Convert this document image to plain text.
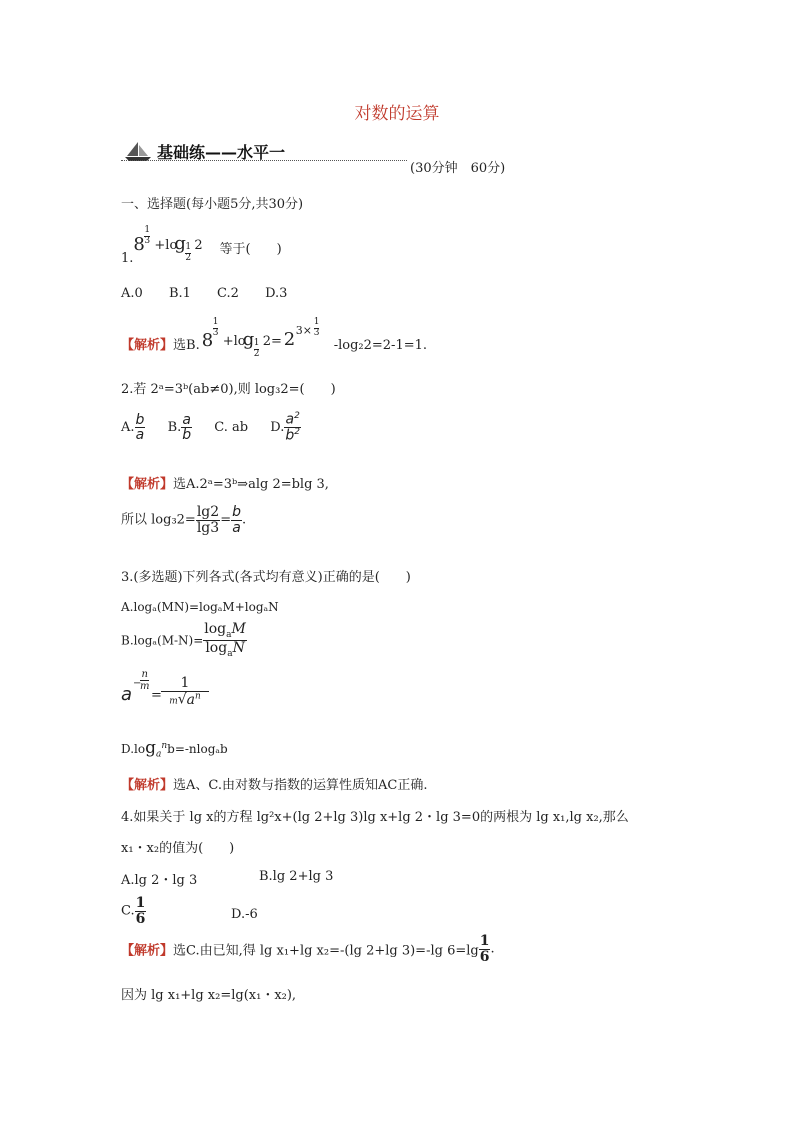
对数的运算
基础练——水平一
(30分钟　60分)
一、选择题(每小题5分,共30分)
1.
8
1
3 +lo
g 1
2
2 等于(　　)
A.0 B.1 C.2 D.3
【解析】选B. 8
1
3
+lo
g 1
2
2= 2 3×
1
3
-log₂2=2-1=1.
2.若 2ᵃ=3ᵇ(ab≠0),则 log₃2=(　　)
A. $\frac{b}{a} B$. $\frac{a}{b} C$. ab D. $\frac{a^2}{b^2}$
【解析】选A.2ᵃ=3ᵇ⇒alg 2=blg 3,
所以 $\log_32= \frac{\lg 2}{\lg 3} = \frac{b}{a}$ .
3.(多选题)下列各式(各式均有意义)正确的是(　　)
A.logₐ(MN)=logₐM+logₐN
$B.\log_a(M-N)= \frac{\log_aM}{\log_aN}$
a
−
n
m
=
1
$m√a^n$
$D.\log_a^nb=$-nlogₐb
【解析】选A、C.由对数与指数的运算性质知AC正确.
4.如果关于 lg x的方程 lg²x+(lg 2+lg 3)lg x+lg 2・lg 3=0的两根为 lg x₁,lg x₂,那么
x₁・x₂的值为(　　)
A.lg 2・lg 3	B.lg 2+lg 3
C. $\frac{1}{6}$	D.-6
【解析】选C.由已知,得 lg x₁+lg x₂=-(lg 2+lg 3)=-lg $6=\lg \frac{1}{6}$ .
因为 lg x₁+lg x₂=lg(x₁・x₂),
